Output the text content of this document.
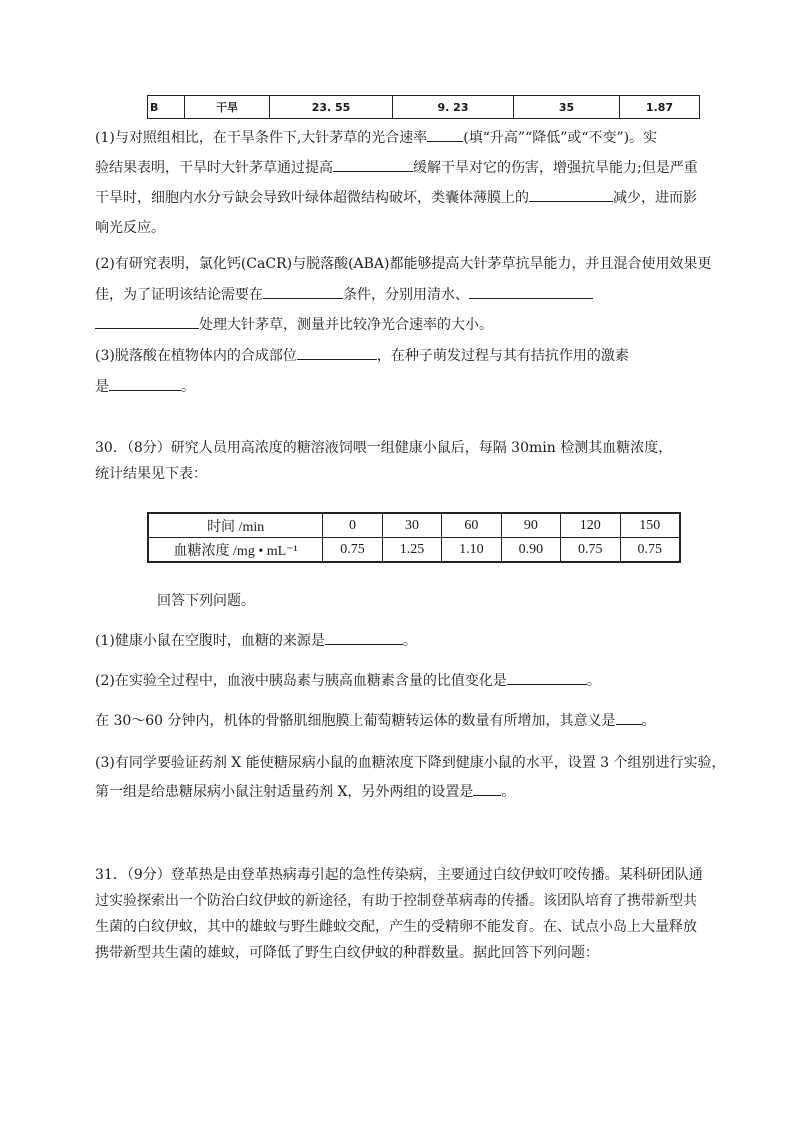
B	干旱	23. 55	9. 23	35	1.87
(1)与对照组相比，在干旱条件下,大针茅草的光合速率	(填“升高”“降低”或“不变”)。实
验结果表明，干旱时大针茅草通过提高	缓解干旱对它的伤害，增强抗旱能力;但是严重
干旱时，细胞内水分亏缺会导致叶绿体超微结构破坏，类囊体薄膜上的	减少，进而影
响光反应。
(2)有研究表明，氯化钙(CaCR)与脱落酸(ABA)都能够提高大针茅草抗旱能力，并且混合使用效果更
佳，为了证明该结论需要在	条件，分别用清水、
处理大针茅草，测量并比较净光合速率的大小。
(3)脱落酸在植物体内的合成部位	，在种子萌发过程与其有拮抗作用的激素
是	。
30．（8分）研究人员用高浓度的糖溶液饲喂一组健康小鼠后，每隔 30min 检测其血糖浓度，
统计结果见下表：
时间 /min	0	30	60	90	120	150
血糖浓度 /mg • mL⁻¹	0.75	1.25	1.10	0.90	0.75	0.75
回答下列问题。
(1)健康小鼠在空腹时，血糖的来源是	。
(2)在实验全过程中，血液中胰岛素与胰高血糖素含量的比值变化是	。
在 30～60 分钟内，机体的骨骼肌细胞膜上葡萄糖转运体的数量有所增加，其意义是 。
(3)有同学要验证药剂 X 能使糖尿病小鼠的血糖浓度下降到健康小鼠的水平，设置 3 个组别进行实验，
第一组是给患糖尿病小鼠注射适量药剂 X，另外两组的设置是 。
31．（9分）登革热是由登革热病毒引起的急性传染病，主要通过白纹伊蚊叮咬传播。某科研团队通
过实验探索出一个防治白纹伊蚊的新途径，有助于控制登革病毒的传播。该团队培育了携带新型共
生菌的白纹伊蚊，其中的雄蚊与野生雌蚊交配，产生的受精卵不能发育。在、试点小岛上大量释放
携带新型共生菌的雄蚊，可降低了野生白纹伊蚊的种群数量。据此回答下列问题：
